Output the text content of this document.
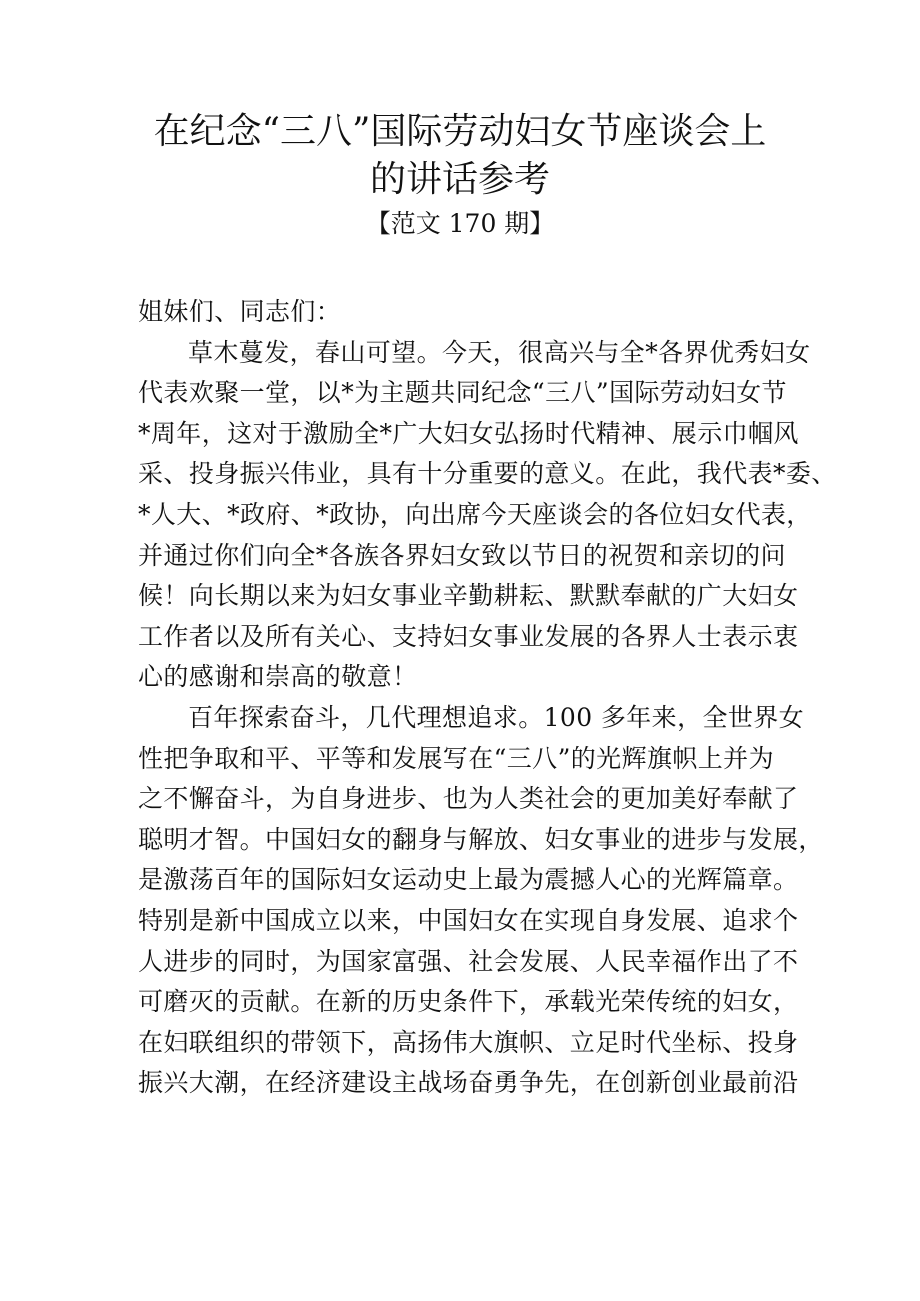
在纪念“三八”国际劳动妇女节座谈会上
的讲话参考
【范文 170 期】
姐妹们、同志们：
草木蔓发，春山可望。今天，很高兴与全*各界优秀妇女
代表欢聚一堂，以*为主题共同纪念“三八”国际劳动妇女节
*周年，这对于激励全*广大妇女弘扬时代精神、展示巾帼风
采、投身振兴伟业，具有十分重要的意义。在此，我代表*委、
*人大、*政府、*政协，向出席今天座谈会的各位妇女代表，
并通过你们向全*各族各界妇女致以节日的祝贺和亲切的问
候！向长期以来为妇女事业辛勤耕耘、默默奉献的广大妇女
工作者以及所有关心、支持妇女事业发展的各界人士表示衷
心的感谢和崇高的敬意！
百年探索奋斗，几代理想追求。100 多年来，全世界女
性把争取和平、平等和发展写在“三八”的光辉旗帜上并为
之不懈奋斗，为自身进步、也为人类社会的更加美好奉献了
聪明才智。中国妇女的翻身与解放、妇女事业的进步与发展，
是激荡百年的国际妇女运动史上最为震撼人心的光辉篇章。
特别是新中国成立以来，中国妇女在实现自身发展、追求个
人进步的同时，为国家富强、社会发展、人民幸福作出了不
可磨灭的贡献。在新的历史条件下，承载光荣传统的妇女，
在妇联组织的带领下，高扬伟大旗帜、立足时代坐标、投身
振兴大潮，在经济建设主战场奋勇争先，在创新创业最前沿
